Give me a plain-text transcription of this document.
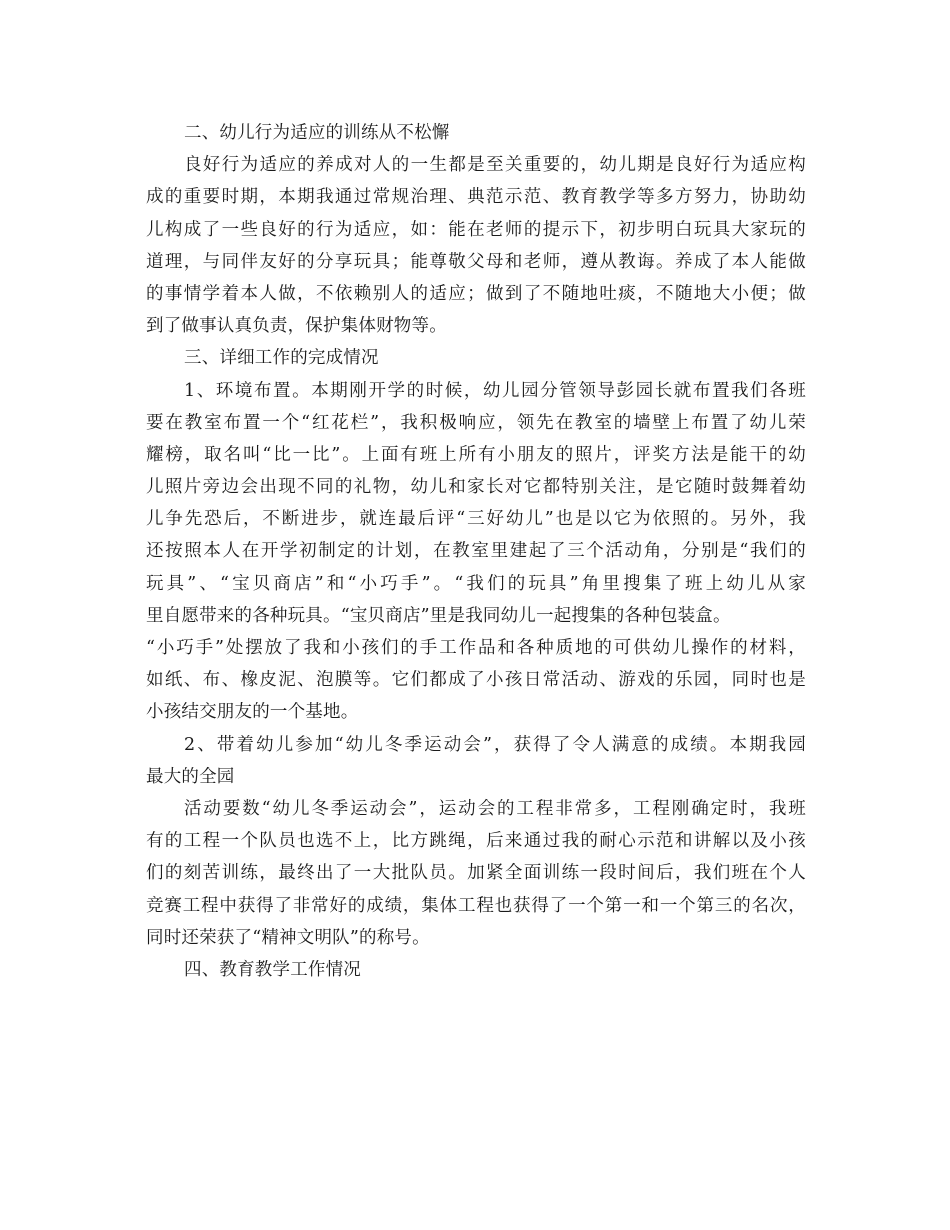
二、幼儿行为适应的训练从不松懈
良好行为适应的养成对人的一生都是至关重要的，幼儿期是良好行为适应构
成的重要时期，本期我通过常规治理、典范示范、教育教学等多方努力，协助幼
儿构成了一些良好的行为适应，如：能在老师的提示下，初步明白玩具大家玩的
道理，与同伴友好的分享玩具；能尊敬父母和老师，遵从教诲。养成了本人能做
的事情学着本人做，不依赖别人的适应；做到了不随地吐痰，不随地大小便；做
到了做事认真负责，保护集体财物等。
三、详细工作的完成情况
1、环境布置。本期刚开学的时候，幼儿园分管领导彭园长就布置我们各班
要在教室布置一个“红花栏”，我积极响应，领先在教室的墙壁上布置了幼儿荣
耀榜，取名叫“比一比”。上面有班上所有小朋友的照片，评奖方法是能干的幼
儿照片旁边会出现不同的礼物，幼儿和家长对它都特别关注，是它随时鼓舞着幼
儿争先恐后，不断进步，就连最后评“三好幼儿”也是以它为依照的。另外，我
还按照本人在开学初制定的计划，在教室里建起了三个活动角，分别是“我们的
玩具”、“宝贝商店”和“小巧手”。“我们的玩具”角里搜集了班上幼儿从家
里自愿带来的各种玩具。“宝贝商店”里是我同幼儿一起搜集的各种包装盒。
“小巧手”处摆放了我和小孩们的手工作品和各种质地的可供幼儿操作的材料，
如纸、布、橡皮泥、泡膜等。它们都成了小孩日常活动、游戏的乐园，同时也是
小孩结交朋友的一个基地。
2、带着幼儿参加“幼儿冬季运动会”，获得了令人满意的成绩。本期我园
最大的全园
活动要数“幼儿冬季运动会”，运动会的工程非常多，工程刚确定时，我班
有的工程一个队员也选不上，比方跳绳，后来通过我的耐心示范和讲解以及小孩
们的刻苦训练，最终出了一大批队员。加紧全面训练一段时间后，我们班在个人
竞赛工程中获得了非常好的成绩，集体工程也获得了一个第一和一个第三的名次，
同时还荣获了“精神文明队”的称号。
四、教育教学工作情况
